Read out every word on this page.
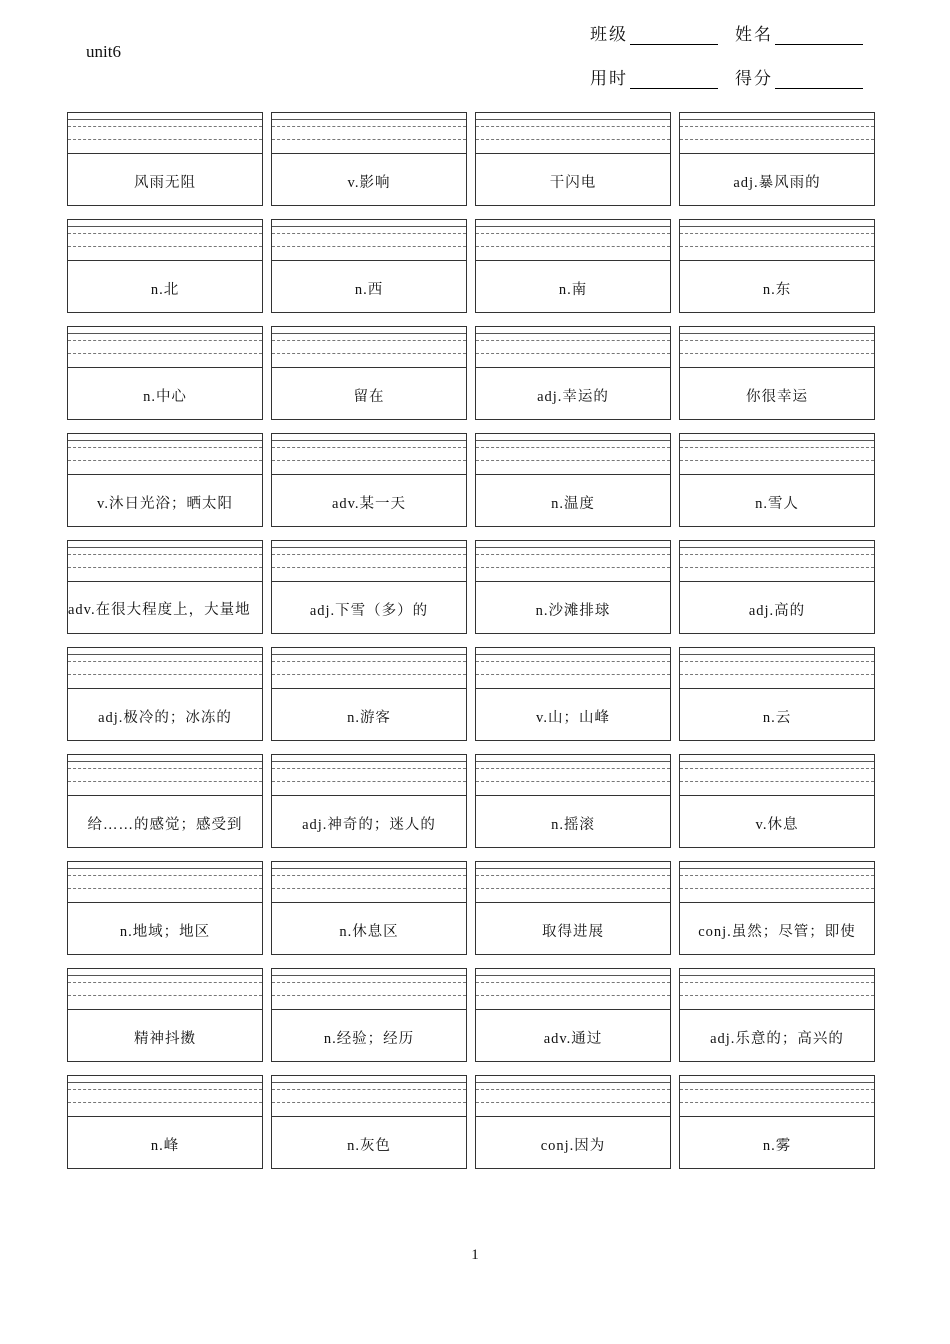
unit6
班级	姓名
用时	得分
风雨无阻	v.影响	干闪电	adj.暴风雨的
n.北	n.西	n.南	n.东
n.中心	留在	adj.幸运的	你很幸运
v.沐日光浴；晒太阳	adv.某一天	n.温度	n.雪人
adv.在很大程度上，大量地	adj.下雪（多）的	n.沙滩排球	adj.高的
adj.极冷的；冰冻的	n.游客	v.山；山峰	n.云
给……的感觉；感受到	adj.神奇的；迷人的	n.摇滚	v.休息
n.地域；地区	n.休息区	取得进展	conj.虽然；尽管；即使
精神抖擞	n.经验；经历	adv.通过	adj.乐意的；高兴的
n.峰	n.灰色	conj.因为	n.雾
1
